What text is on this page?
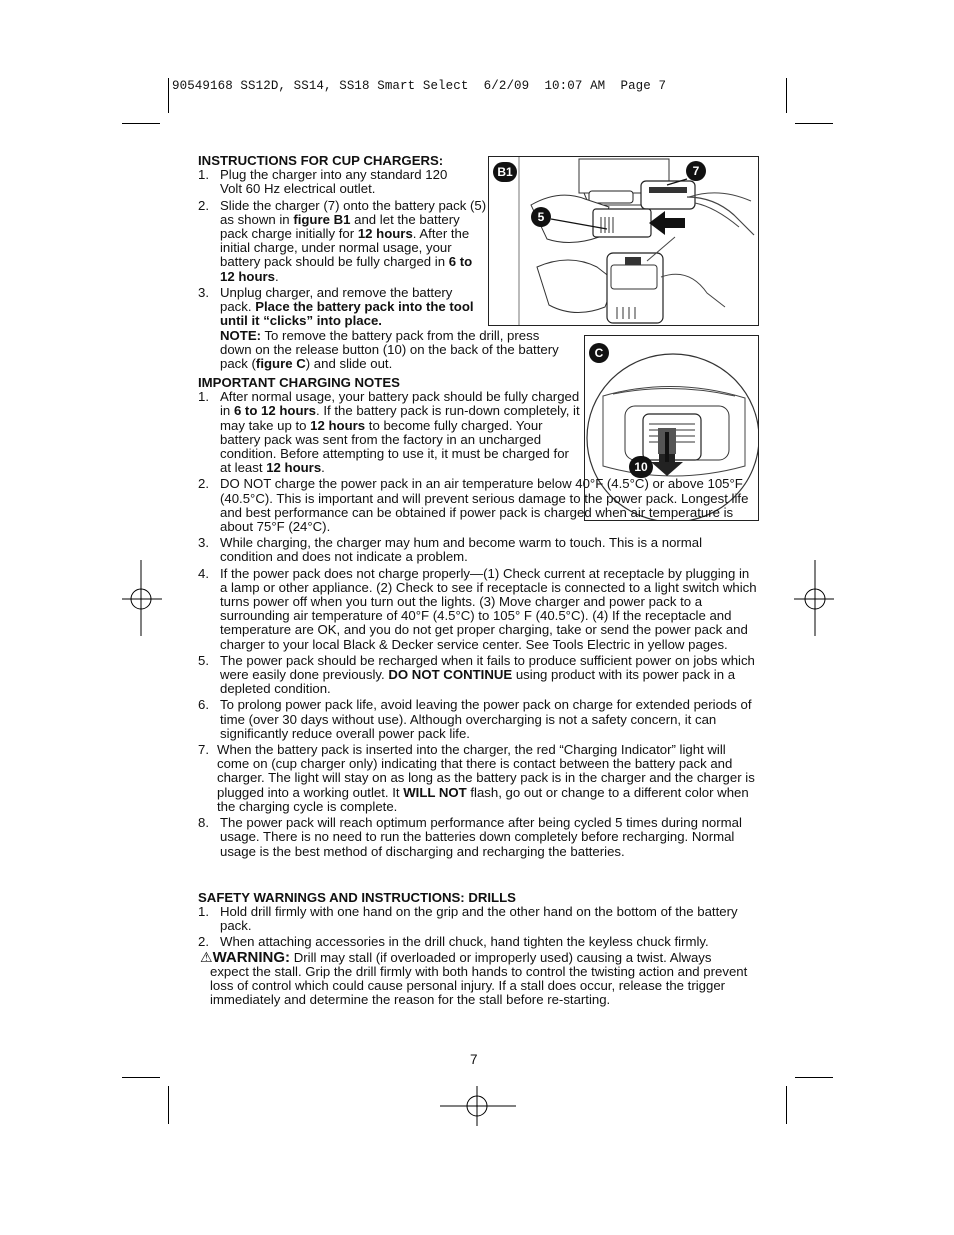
90549168 SS12D, SS14, SS18 Smart Select  6/2/09  10:07 AM  Page 7
B1	7
5
C
10
INSTRUCTIONS FOR CUP CHARGERS:
1. Plug the charger into any standard 120 Volt 60 Hz electrical outlet.
2. Slide the charger (7) onto the battery pack (5) as shown in figure B1 and let the battery pack charge initially for 12 hours. After the initial charge, under normal usage, your battery pack should be fully charged in 6 to 12 hours.
3. Unplug charger, and remove the battery pack. Place the battery pack into the tool until it “clicks” into place.
NOTE: To remove the battery pack from the drill, press down on the release button (10) on the back of the battery pack (figure C) and slide out.
IMPORTANT CHARGING NOTES
1. After normal usage, your battery pack should be fully charged in 6 to 12 hours. If the battery pack is run-down completely, it may take up to 12 hours to become fully charged. Your battery pack was sent from the factory in an uncharged condition. Before attempting to use it, it must be charged for at least 12 hours.
2. DO NOT charge the power pack in an air temperature below 40°F (4.5°C) or above 105°F (40.5°C). This is important and will prevent serious damage to the power pack. Longest life and best performance can be obtained if power pack is charged when air temperature is about 75°F (24°C).
3. While charging, the charger may hum and become warm to touch. This is a normal condition and does not indicate a problem.
4. If the power pack does not charge properly—(1) Check current at receptacle by plugging in a lamp or other appliance. (2) Check to see if receptacle is connected to a light switch which turns power off when you turn out the lights. (3) Move charger and power pack to a surrounding air temperature of 40°F (4.5°C) to 105° F (40.5°C). (4) If the receptacle and temperature are OK, and you do not get proper charging, take or send the power pack and charger to your local Black & Decker service center. See Tools Electric in yellow pages.
5. The power pack should be recharged when it fails to produce sufficient power on jobs which were easily done previously. DO NOT CONTINUE using product with its power pack in a depleted condition.
6. To prolong power pack life, avoid leaving the power pack on charge for extended periods of time (over 30 days without use). Although overcharging is not a safety concern, it can significantly reduce overall power pack life.
7. When the battery pack is inserted into the charger, the red “Charging Indicator” light will come on (cup charger only) indicating that there is contact between the battery pack and charger. The light will stay on as long as the battery pack is in the charger and the charger is plugged into a working outlet. It WILL NOT flash, go out or change to a different color when the charging cycle is complete.
8. The power pack will reach optimum performance after being cycled 5 times during normal usage. There is no need to run the batteries down completely before recharging. Normal usage is the best method of discharging and recharging the batteries.
SAFETY WARNINGS AND INSTRUCTIONS: DRILLS
1. Hold drill firmly with one hand on the grip and the other hand on the bottom of the battery pack.
2. When attaching accessories in the drill chuck, hand tighten the keyless chuck firmly.
⚠WARNING: Drill may stall (if overloaded or improperly used) causing a twist. Always expect the stall. Grip the drill firmly with both hands to control the twisting action and prevent loss of control which could cause personal injury. If a stall does occur, release the trigger immediately and determine the reason for the stall before re-starting.
7
